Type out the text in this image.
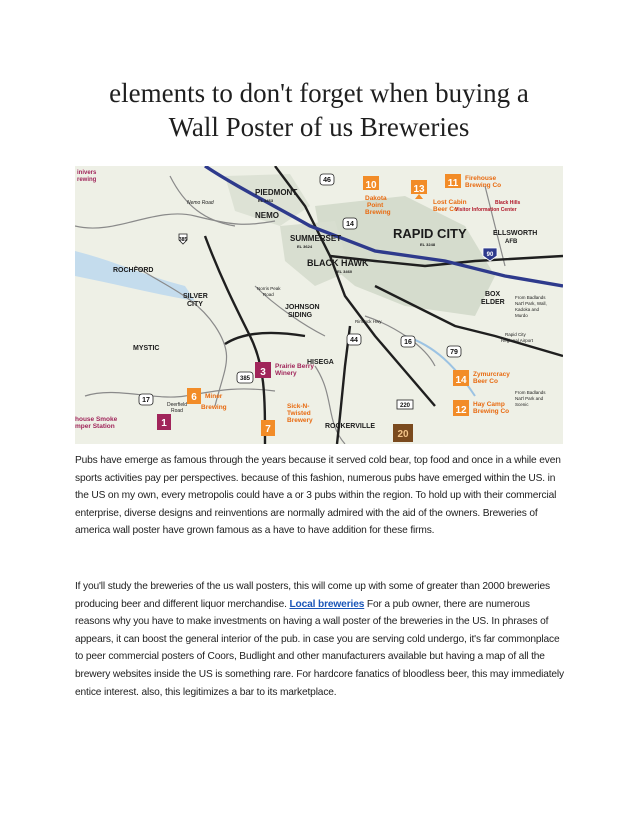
elements to don't forget when buying a
Wall Poster of us Breweries
385
14
44	16
79
90
46
17
385
220
PIEDMONT
EL 3463
NEMO
Nemo Road
SUMMERSET
EL 3624
BLACK HAWK
EL 3460
RAPID CITY
EL 3248
ELLSWORTH
AFB
ROCHFORD
SILVER
CITY	JOHNSON
SIDING
Norris Peak
Road
MYSTIC
HISEGA
ROCKERVILLE
BOX
ELDER
Rimrock Hwy
Deerfield
Road
inivers
rewing
Rapid City
Regional Airport
From Badlands
Nat'l Park, Wall,
Kadoka and
Murdo
From Badlands
Nat'l Park and
Scenic
13
Lost Cabin
Beer Co
11 Firehouse
Brewing Co
Black Hills
Visitor Information Center
10
Dakota
Point
Brewing
3
Prairie Berry
Winery
6 Miner
Brewing
7
Sick-N-
Twisted
Brewery
14
Zymurcracy
Beer Co
12
Hay Camp
Brewing Co
1
house Smoke
mper Station
20
Pubs have emerge as famous through the years because it served cold bear, top food and once in a while even sports activities pay per perspectives. because of this fashion, numerous pubs have emerged within the US. in the US on my own, every metropolis could have a or 3 pubs within the region. To hold up with their commercial enterprise, diverse designs and reinventions are normally admired with the aid of the owners. Breweries of america wall poster have grown famous as a have to have addition for these firms.
If you'll study the breweries of the us wall posters, this will come up with some of greater than 2000 breweries producing beer and different liquor merchandise. Local breweries For a pub owner, there are numerous reasons why you have to make investments on having a wall poster of the breweries in the US. In phrases of appears, it can boost the general interior of the pub. in case you are serving cold undergo, it's far commonplace to peer commercial posters of Coors, Budlight and other manufacturers available but having a map of all the brewery websites inside the US is something rare. For hardcore fanatics of bloodless beer, this may immediately entice interest. also, this legitimizes a bar to its marketplace.
